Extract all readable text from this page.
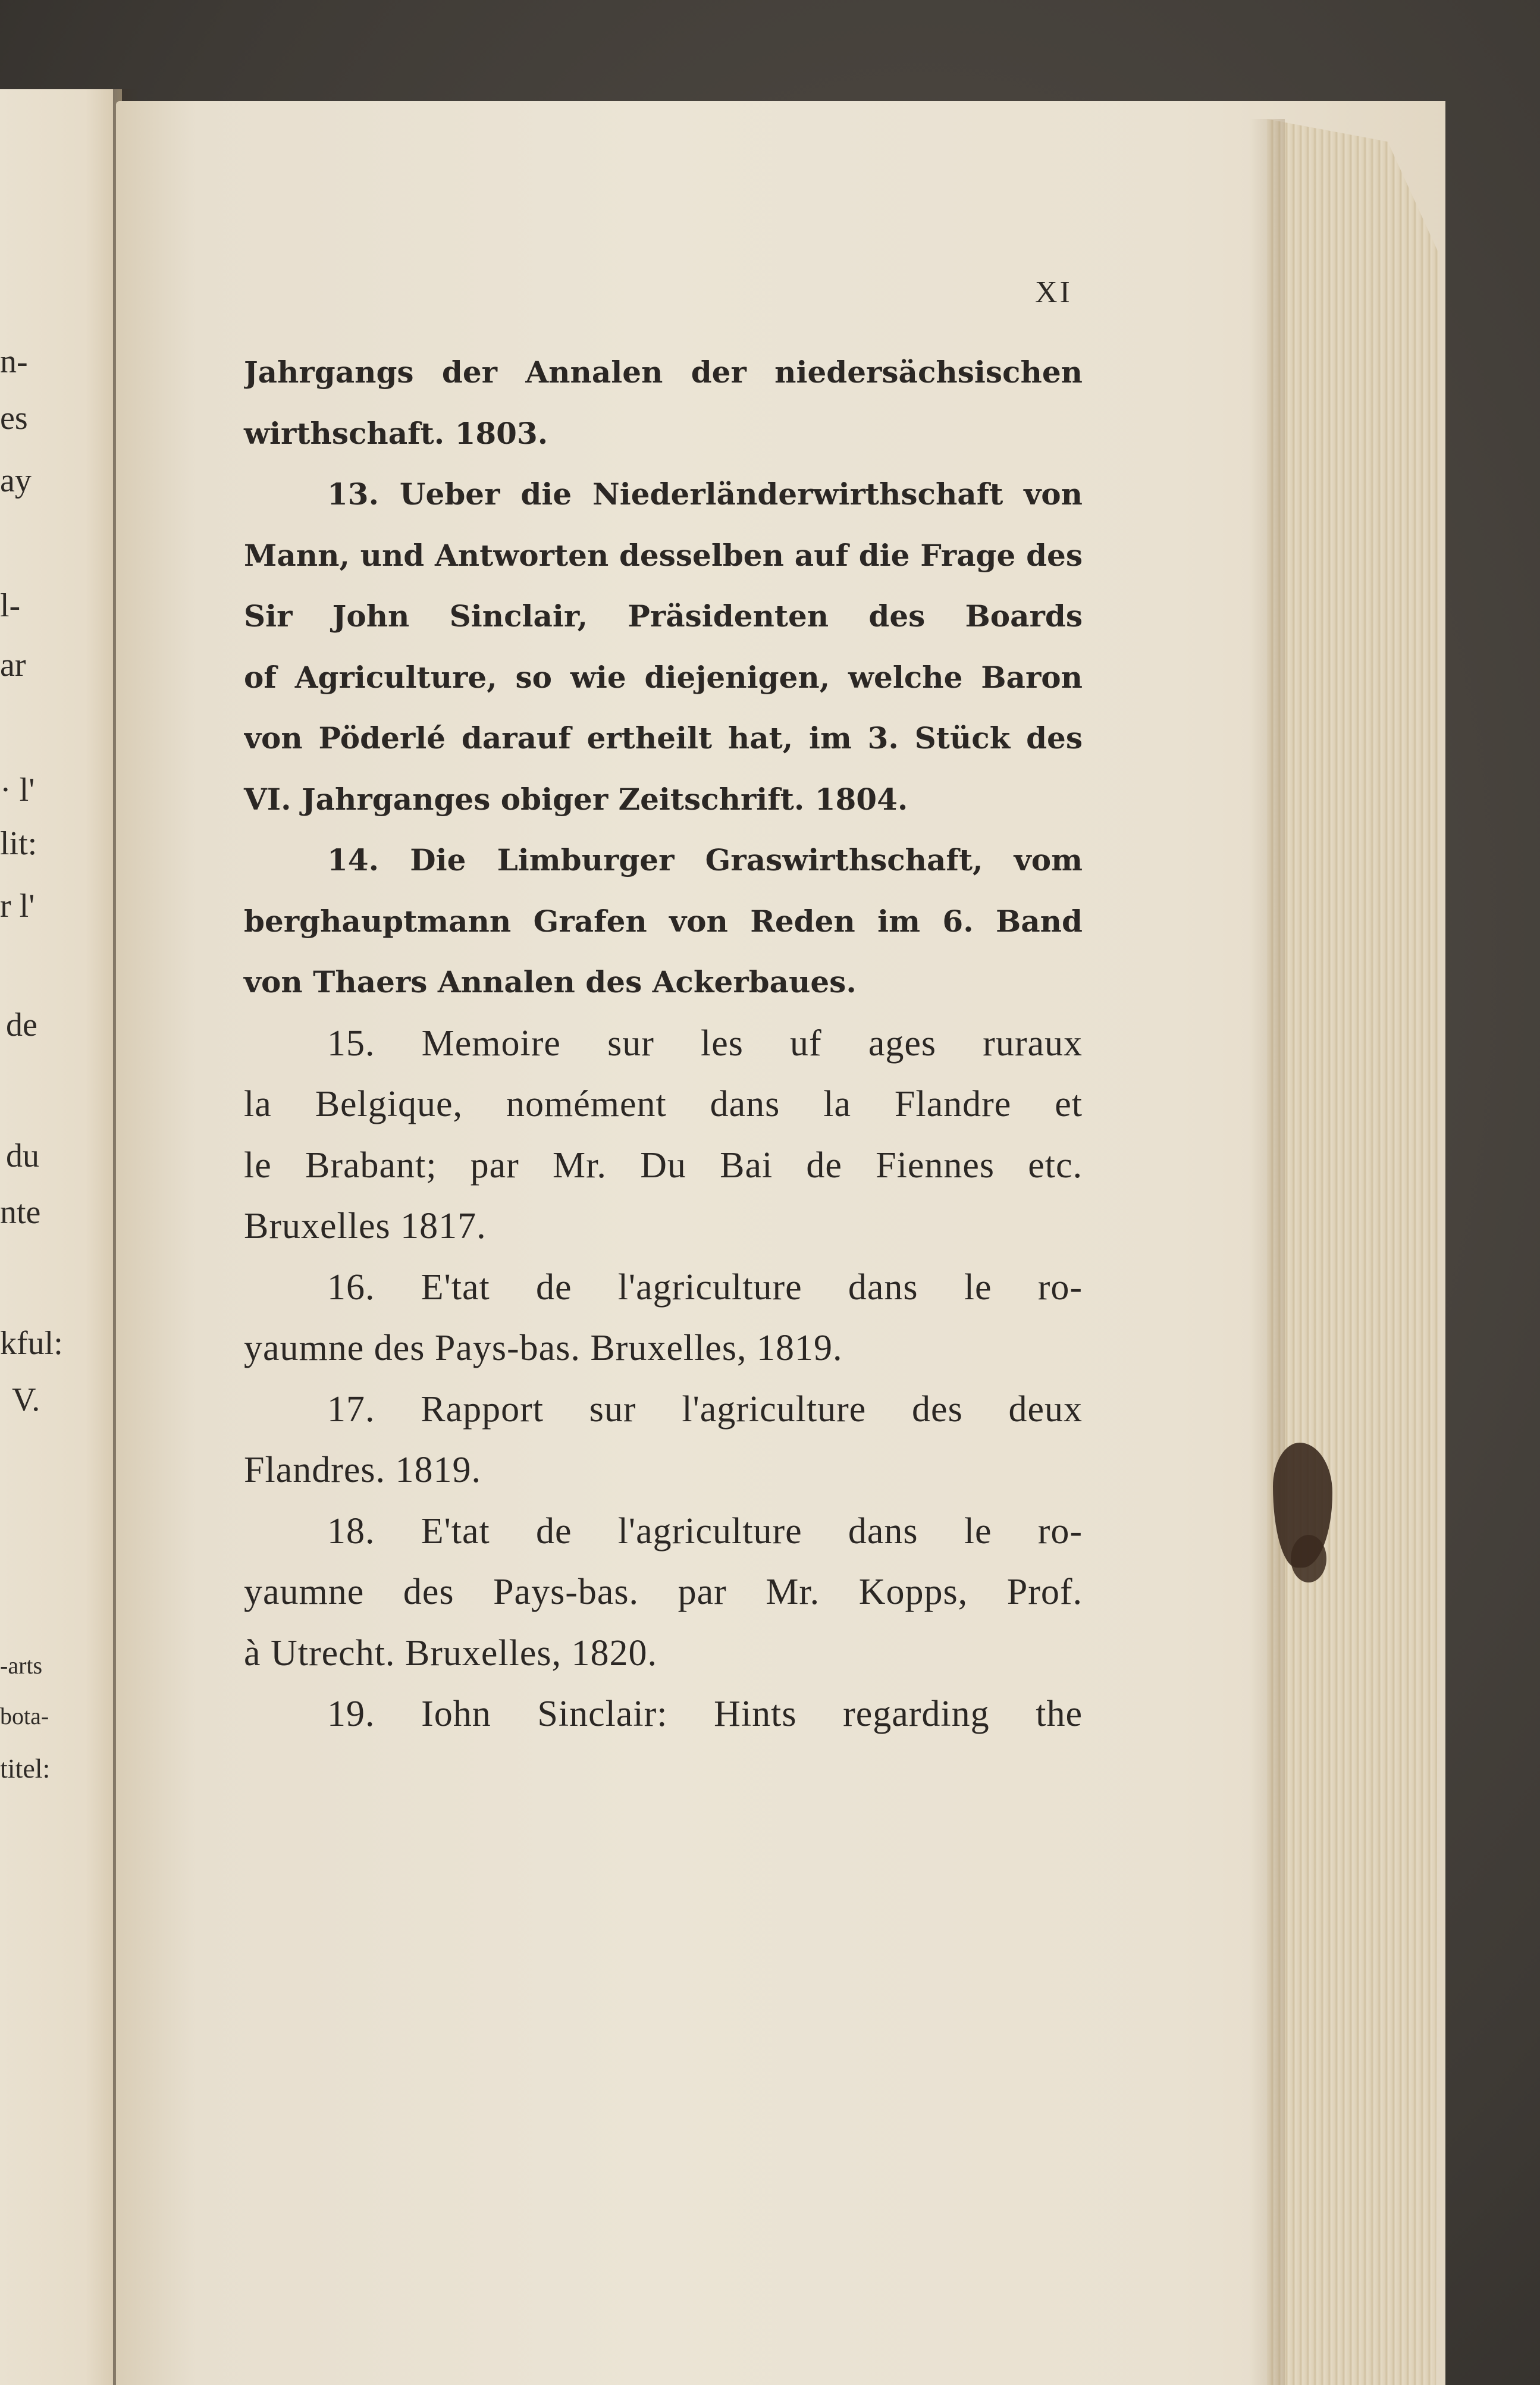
n-
es
ay
l-
ar
· l'
lit:
r l'
de
du
nte
kful:
V.
-arts
bota-
titel:
XI
Jahrgangs der Annalen der niedersächsischen
wirthschaft. 1803.
13. Ueber die Niederländerwirthschaft von
Mann, und Antworten desselben auf die Frage des
Sir John Sinclair, Präsidenten des Boards
of Agriculture, so wie diejenigen, welche Baron
von Pöderlé darauf ertheilt hat, im 3. Stück des
VI. Jahrganges obiger Zeitschrift. 1804.
14. Die Limburger Graswirthschaft, vom
berghauptmann Grafen von Reden im 6. Band
von Thaers Annalen des Ackerbaues.
15. Memoire sur les uf ages ruraux
la Belgique, nomément dans la Flandre et
le Brabant; par Mr. Du Bai de Fiennes etc.
Bruxelles 1817.
16. E'tat de l'agriculture dans le ro-
yaumne des Pays-bas. Bruxelles, 1819.
17. Rapport sur l'agriculture des deux
Flandres. 1819.
18. E'tat de l'agriculture dans le ro-
yaumne des Pays-bas. par Mr. Kopps, Prof.
à Utrecht. Bruxelles, 1820.
19. Iohn Sinclair: Hints regarding the
